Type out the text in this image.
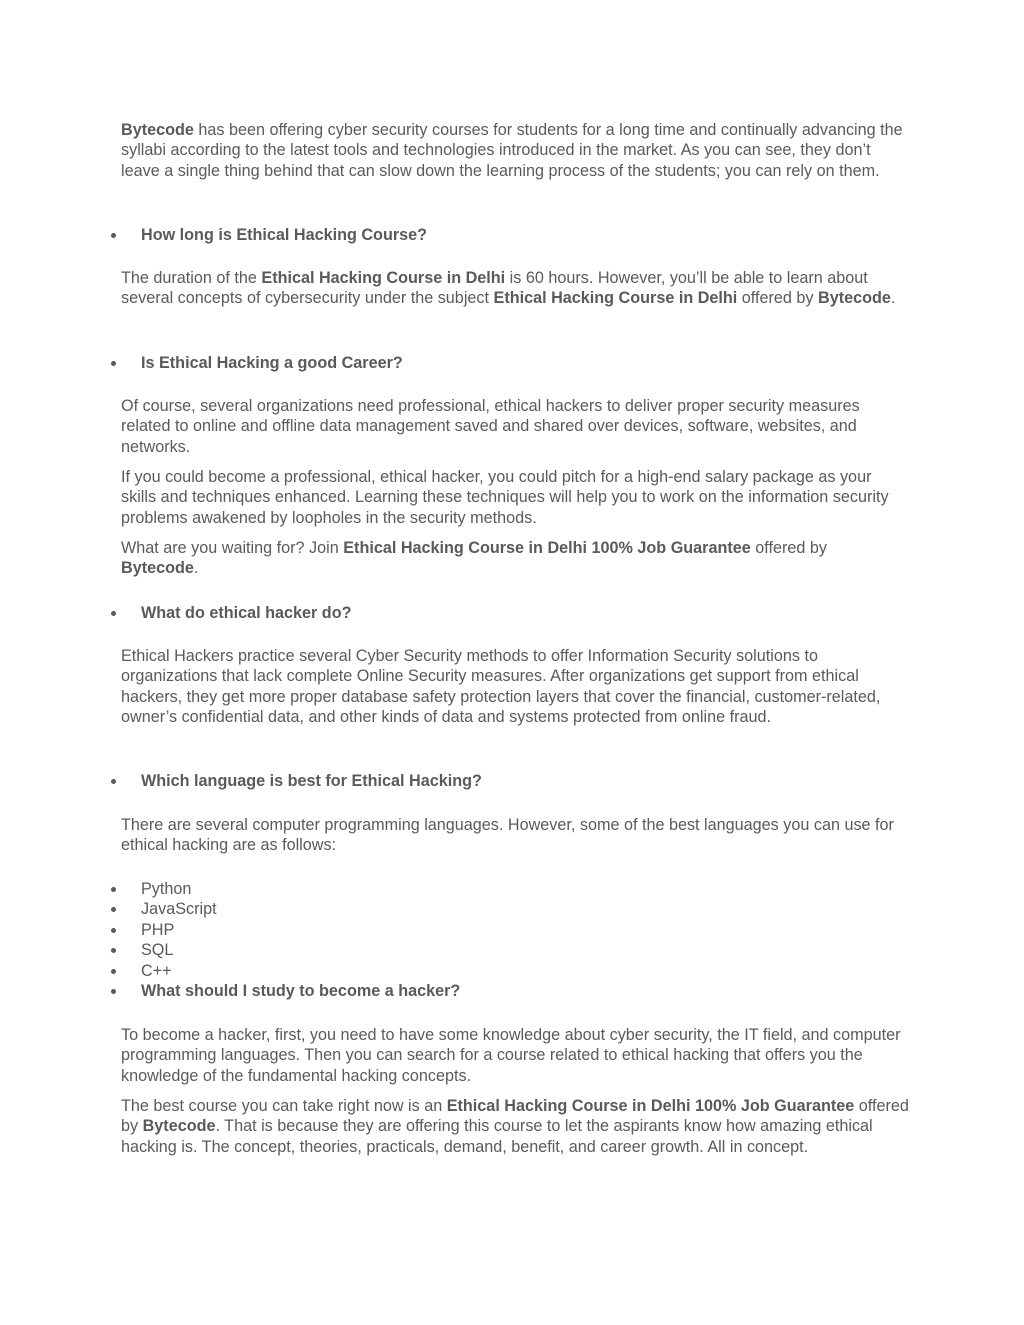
Bytecode has been offering cyber security courses for students for a long time and continually advancing the syllabi according to the latest tools and technologies introduced in the market. As you can see, they don’t leave a single thing behind that can slow down the learning process of the students; you can rely on them.

How long is Ethical Hacking Course?

The duration of the Ethical Hacking Course in Delhi is 60 hours. However, you’ll be able to learn about several concepts of cybersecurity under the subject Ethical Hacking Course in Delhi offered by Bytecode.

Is Ethical Hacking a good Career?

Of course, several organizations need professional, ethical hackers to deliver proper security measures related to online and offline data management saved and shared over devices, software, websites, and networks.

If you could become a professional, ethical hacker, you could pitch for a high-end salary package as your skills and techniques enhanced. Learning these techniques will help you to work on the information security problems awakened by loopholes in the security methods.

What are you waiting for? Join Ethical Hacking Course in Delhi 100% Job Guarantee offered by
Bytecode.

What do ethical hacker do?

Ethical Hackers practice several Cyber Security methods to offer Information Security solutions to organizations that lack complete Online Security measures. After organizations get support from ethical hackers, they get more proper database safety protection layers that cover the financial, customer-related, owner’s confidential data, and other kinds of data and systems protected from online fraud.

Which language is best for Ethical Hacking?

There are several computer programming languages. However, some of the best languages you can use for ethical hacking are as follows:

Python
JavaScript
PHP
SQL
C++
What should I study to become a hacker?

To become a hacker, first, you need to have some knowledge about cyber security, the IT field, and computer programming languages. Then you can search for a course related to ethical hacking that offers you the knowledge of the fundamental hacking concepts.

The best course you can take right now is an Ethical Hacking Course in Delhi 100% Job Guarantee offered by Bytecode. That is because they are offering this course to let the aspirants know how amazing ethical hacking is. The concept, theories, practicals, demand, benefit, and career growth. All in concept.
